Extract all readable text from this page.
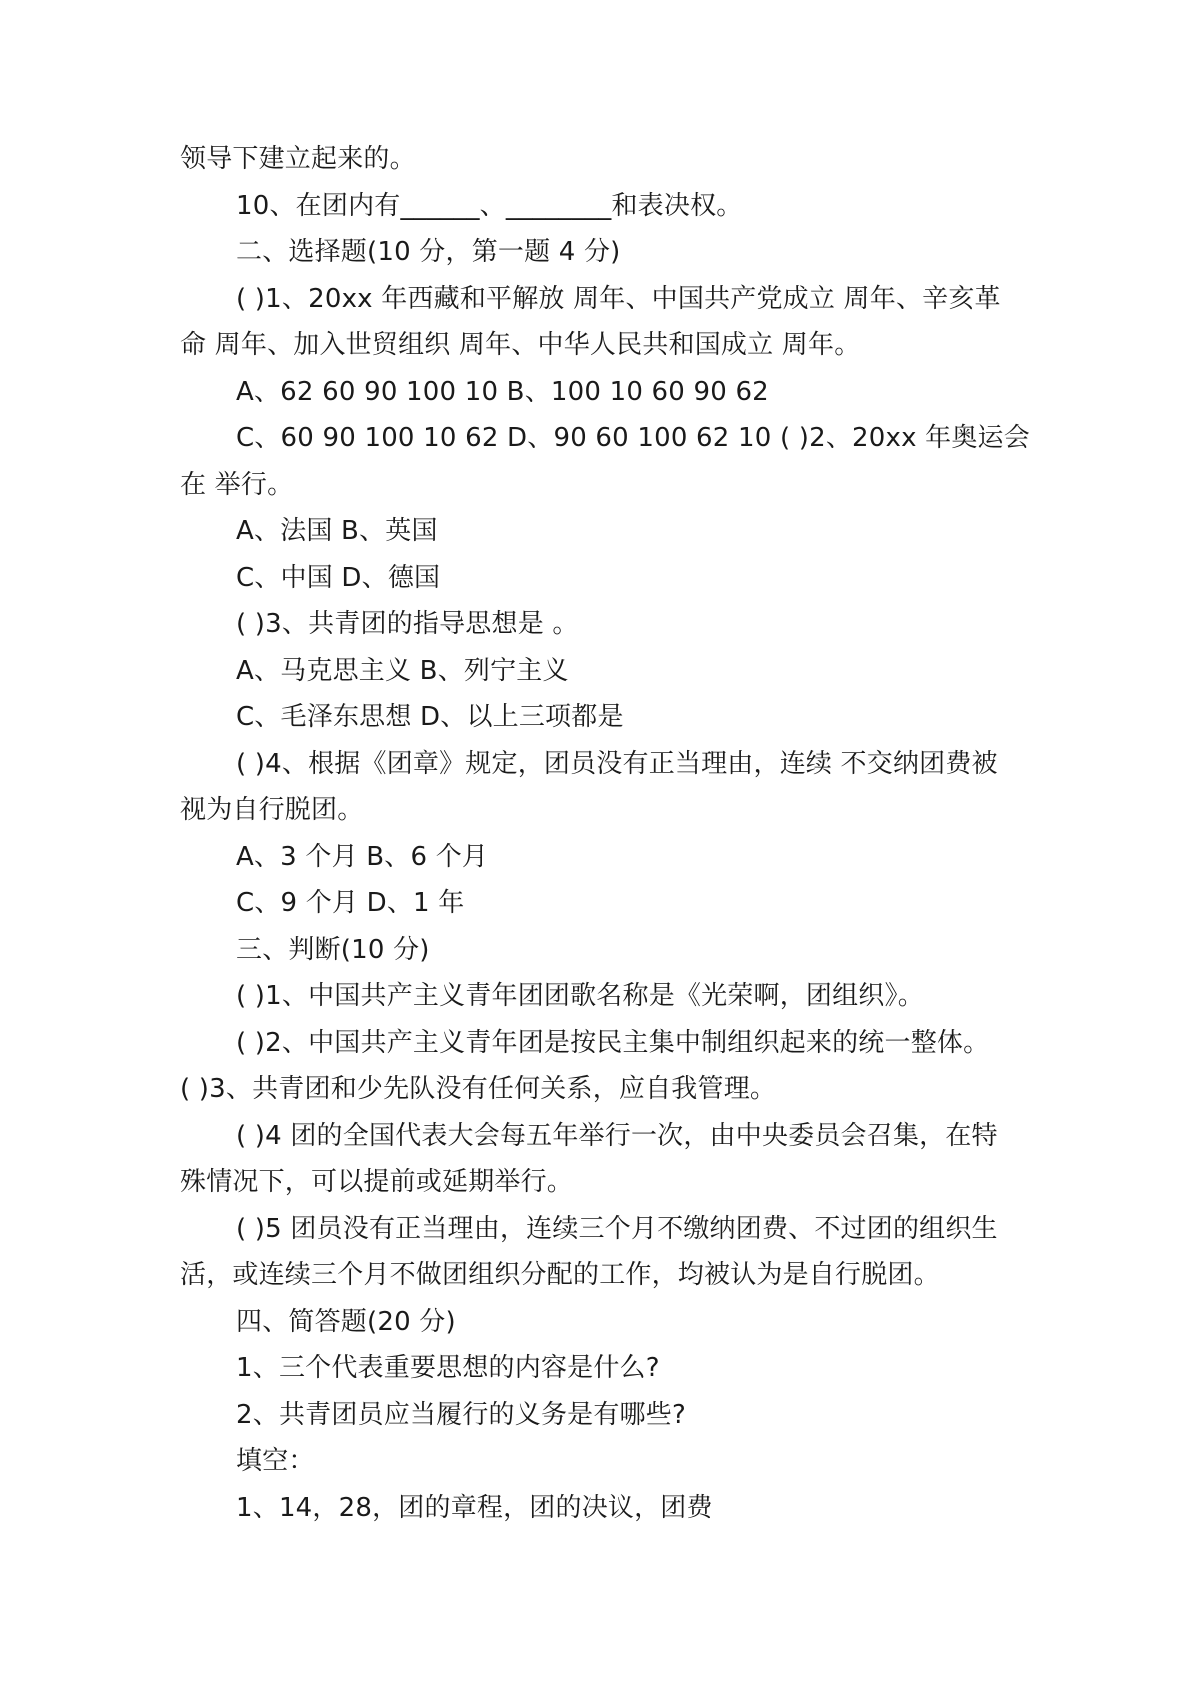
领导下建立起来的。
10、在团内有______、________和表决权。
二、选择题(10 分，第一题 4 分)
( )1、20xx 年西藏和平解放 周年、中国共产党成立 周年、辛亥革
命 周年、加入世贸组织 周年、中华人民共和国成立 周年。
A、62 60 90 100 10 B、100 10 60 90 62
C、60 90 100 10 62 D、90 60 100 62 10 ( )2、20xx 年奥运会
在 举行。
A、法国 B、英国
C、中国 D、德国
( )3、共青团的指导思想是 。
A、马克思主义 B、列宁主义
C、毛泽东思想 D、以上三项都是
( )4、根据《团章》规定，团员没有正当理由，连续 不交纳团费被
视为自行脱团。
A、3 个月 B、6 个月
C、9 个月 D、1 年
三、判断(10 分)
( )1、中国共产主义青年团团歌名称是《光荣啊，团组织》。
( )2、中国共产主义青年团是按民主集中制组织起来的统一整体。
( )3、共青团和少先队没有任何关系，应自我管理。
( )4 团的全国代表大会每五年举行一次，由中央委员会召集，在特
殊情况下，可以提前或延期举行。
( )5 团员没有正当理由，连续三个月不缴纳团费、不过团的组织生
活，或连续三个月不做团组织分配的工作，均被认为是自行脱团。
四、简答题(20 分)
1、三个代表重要思想的内容是什么?
2、共青团员应当履行的义务是有哪些?
填空：
1、14，28，团的章程，团的决议，团费
